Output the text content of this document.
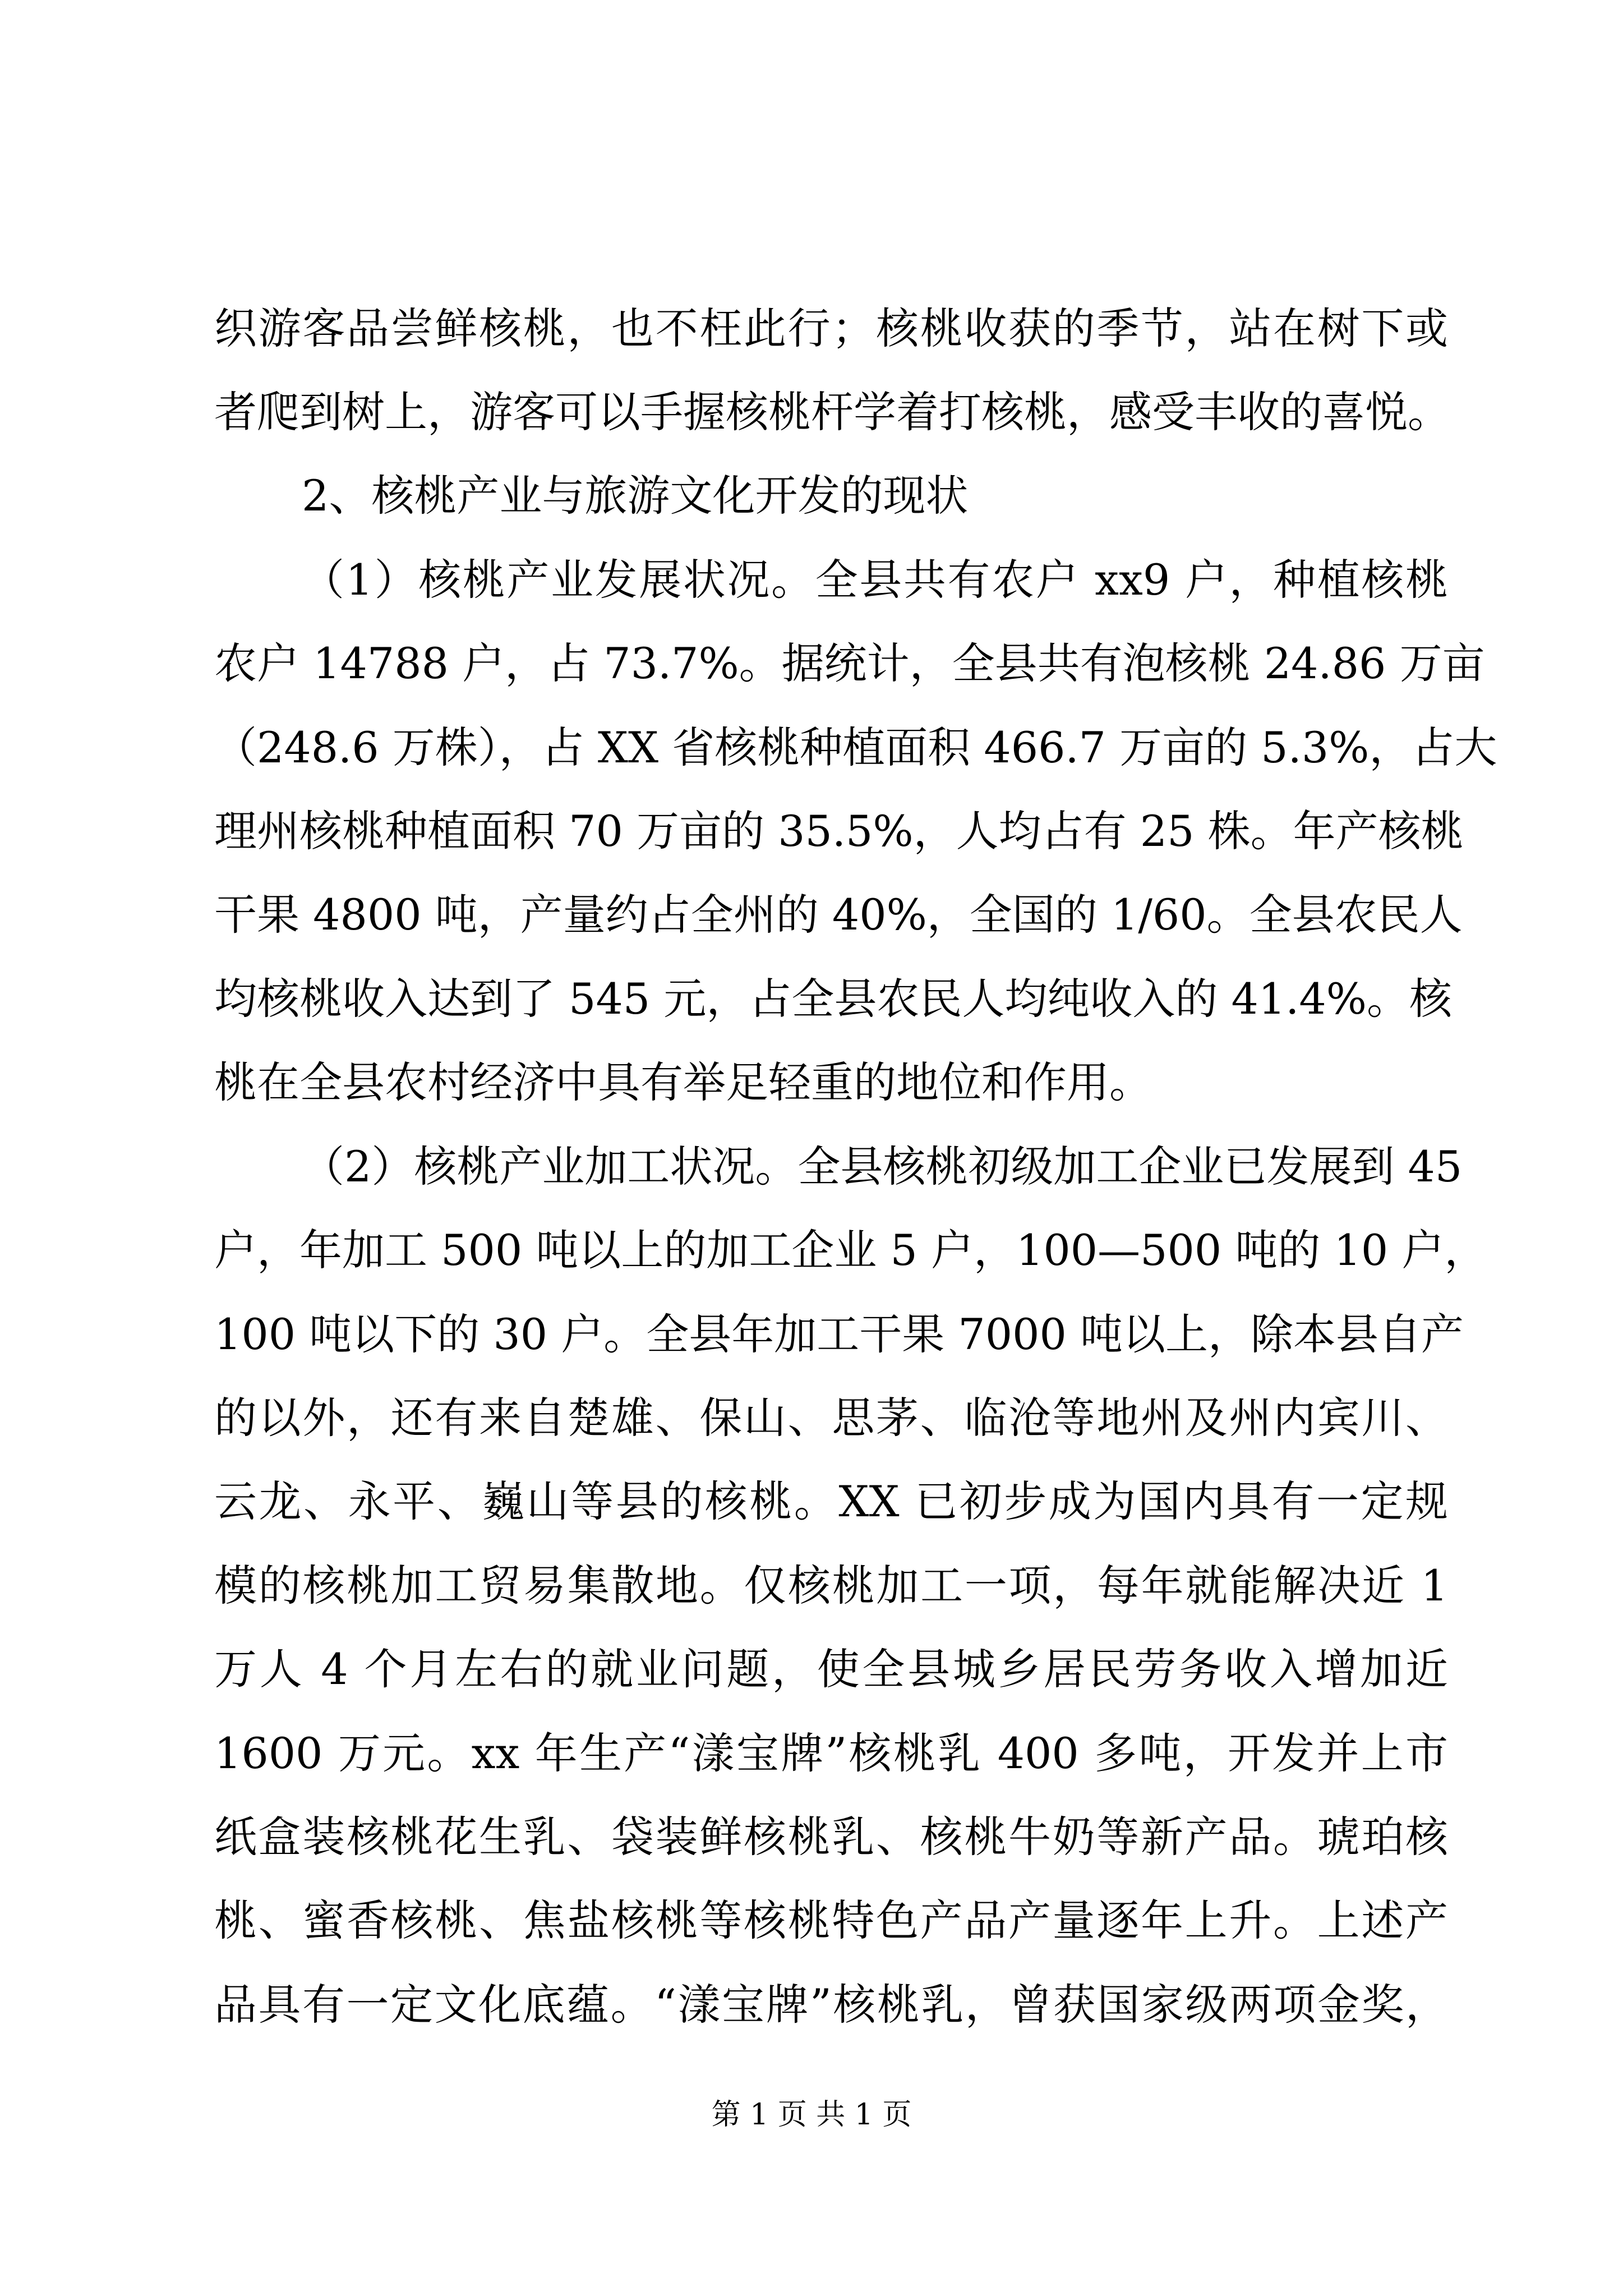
织游客品尝鲜核桃，也不枉此行；核桃收获的季节，站在树下或
者爬到树上，游客可以手握核桃杆学着打核桃，感受丰收的喜悦。
2、核桃产业与旅游文化开发的现状
（1）核桃产业发展状况。全县共有农户 xx9 户，种植核桃
农户 14788 户，占 73.7%。据统计，全县共有泡核桃 24.86 万亩
（248.6 万株），占 XX 省核桃种植面积 466.7 万亩的 5.3%，占大
理州核桃种植面积 70 万亩的 35.5%，人均占有 25 株。年产核桃
干果 4800 吨，产量约占全州的 40%，全国的 1/60。全县农民人
均核桃收入达到了 545 元，占全县农民人均纯收入的 41.4%。核
桃在全县农村经济中具有举足轻重的地位和作用。
（2）核桃产业加工状况。全县核桃初级加工企业已发展到 45
户，年加工 500 吨以上的加工企业 5 户，100—500 吨的 10 户，
100 吨以下的 30 户。全县年加工干果 7000 吨以上，除本县自产
的以外，还有来自楚雄、保山、思茅、临沧等地州及州内宾川、
云龙、永平、巍山等县的核桃。XX 已初步成为国内具有一定规
模的核桃加工贸易集散地。仅核桃加工一项，每年就能解决近 1
万人 4 个月左右的就业问题，使全县城乡居民劳务收入增加近
1600 万元。xx 年生产“漾宝牌”核桃乳 400 多吨，开发并上市
纸盒装核桃花生乳、袋装鲜核桃乳、核桃牛奶等新产品。琥珀核
桃、蜜香核桃、焦盐核桃等核桃特色产品产量逐年上升。上述产
品具有一定文化底蕴。“漾宝牌”核桃乳，曾获国家级两项金奖，
第 1 页 共 1 页
